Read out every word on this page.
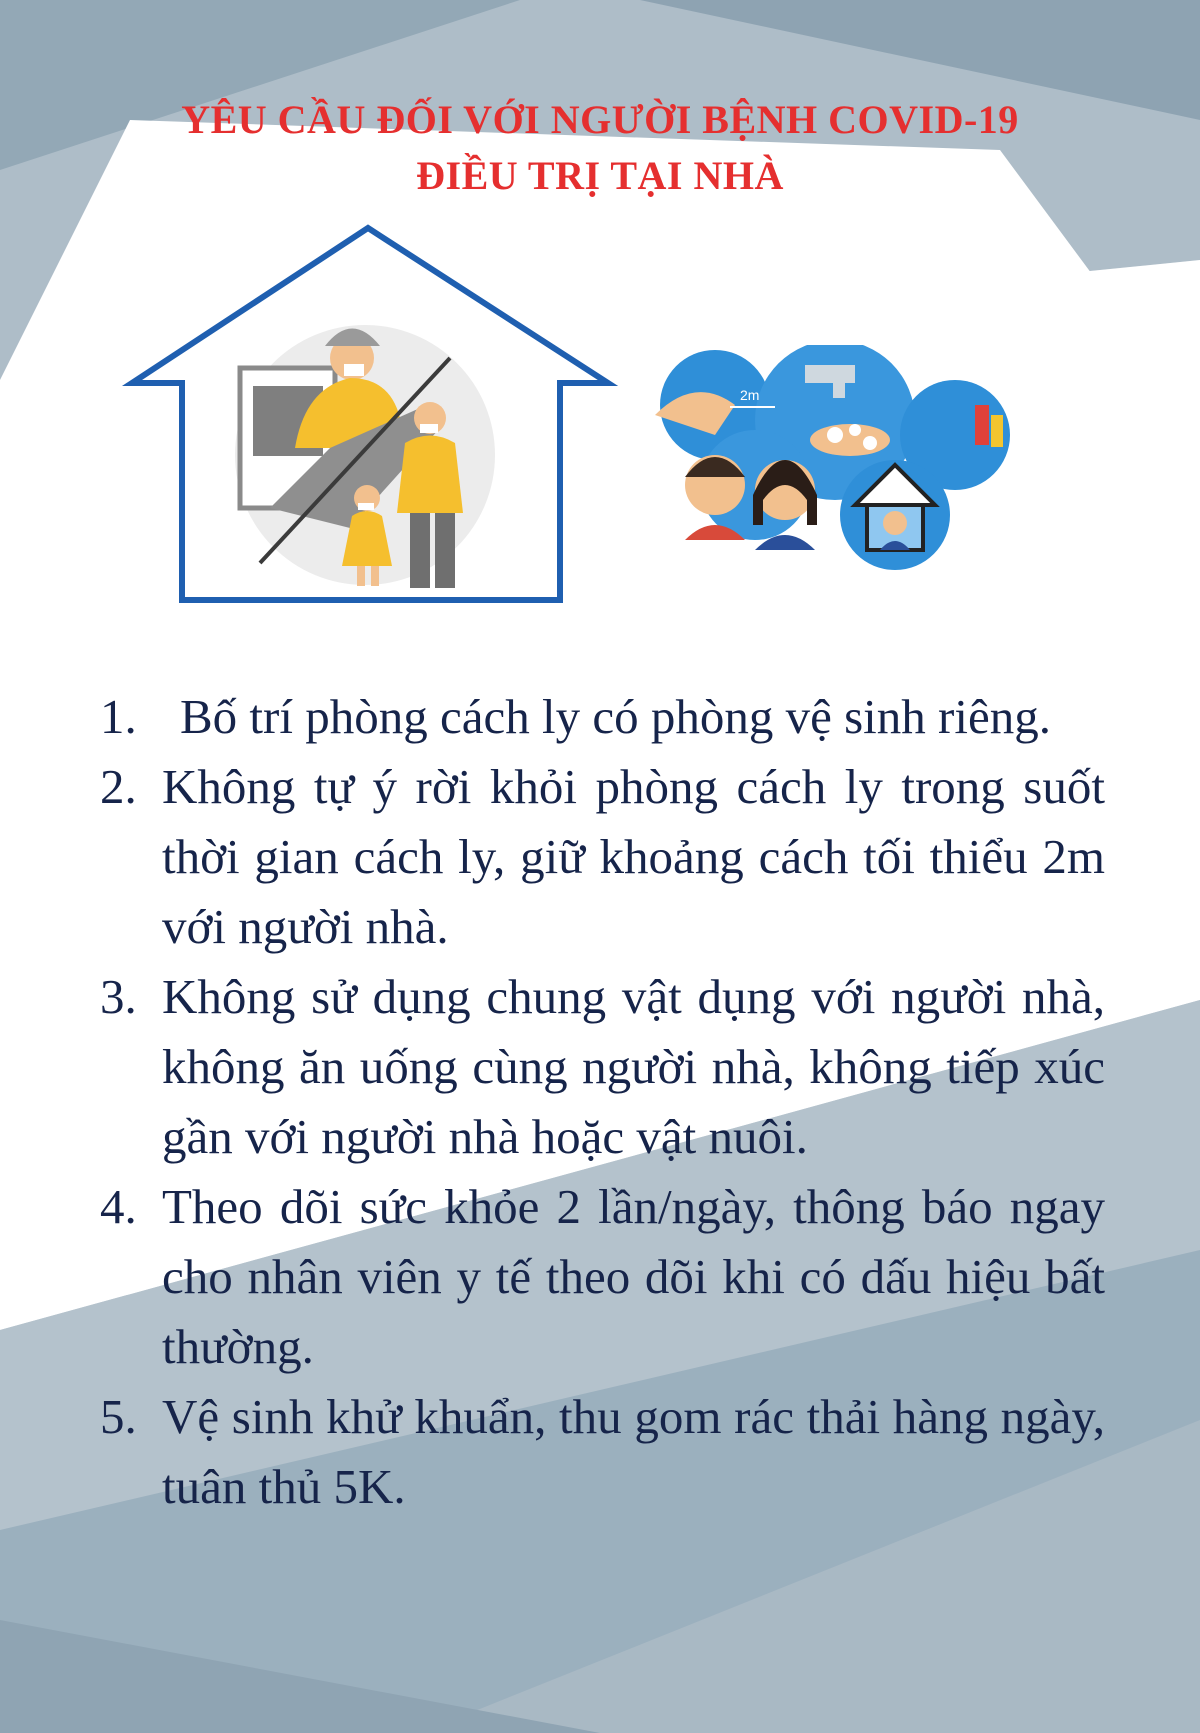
YÊU CẦU ĐỐI VỚI NGƯỜI BỆNH COVID-19
ĐIỀU TRỊ TẠI NHÀ
2m
1. Bố trí phòng cách ly có phòng vệ sinh riêng.
2. Không tự ý rời khỏi phòng cách ly trong suốt thời gian cách ly, giữ khoảng cách tối thiểu 2m với người nhà.
3. Không sử dụng chung vật dụng với người nhà, không ăn uống cùng người nhà, không tiếp xúc gần với người nhà hoặc vật nuôi.
4. Theo dõi sức khỏe 2 lần/ngày, thông báo ngay cho nhân viên y tế theo dõi khi có dấu hiệu bất thường.
5. Vệ sinh khử khuẩn, thu gom rác thải hàng ngày, tuân thủ 5K.
